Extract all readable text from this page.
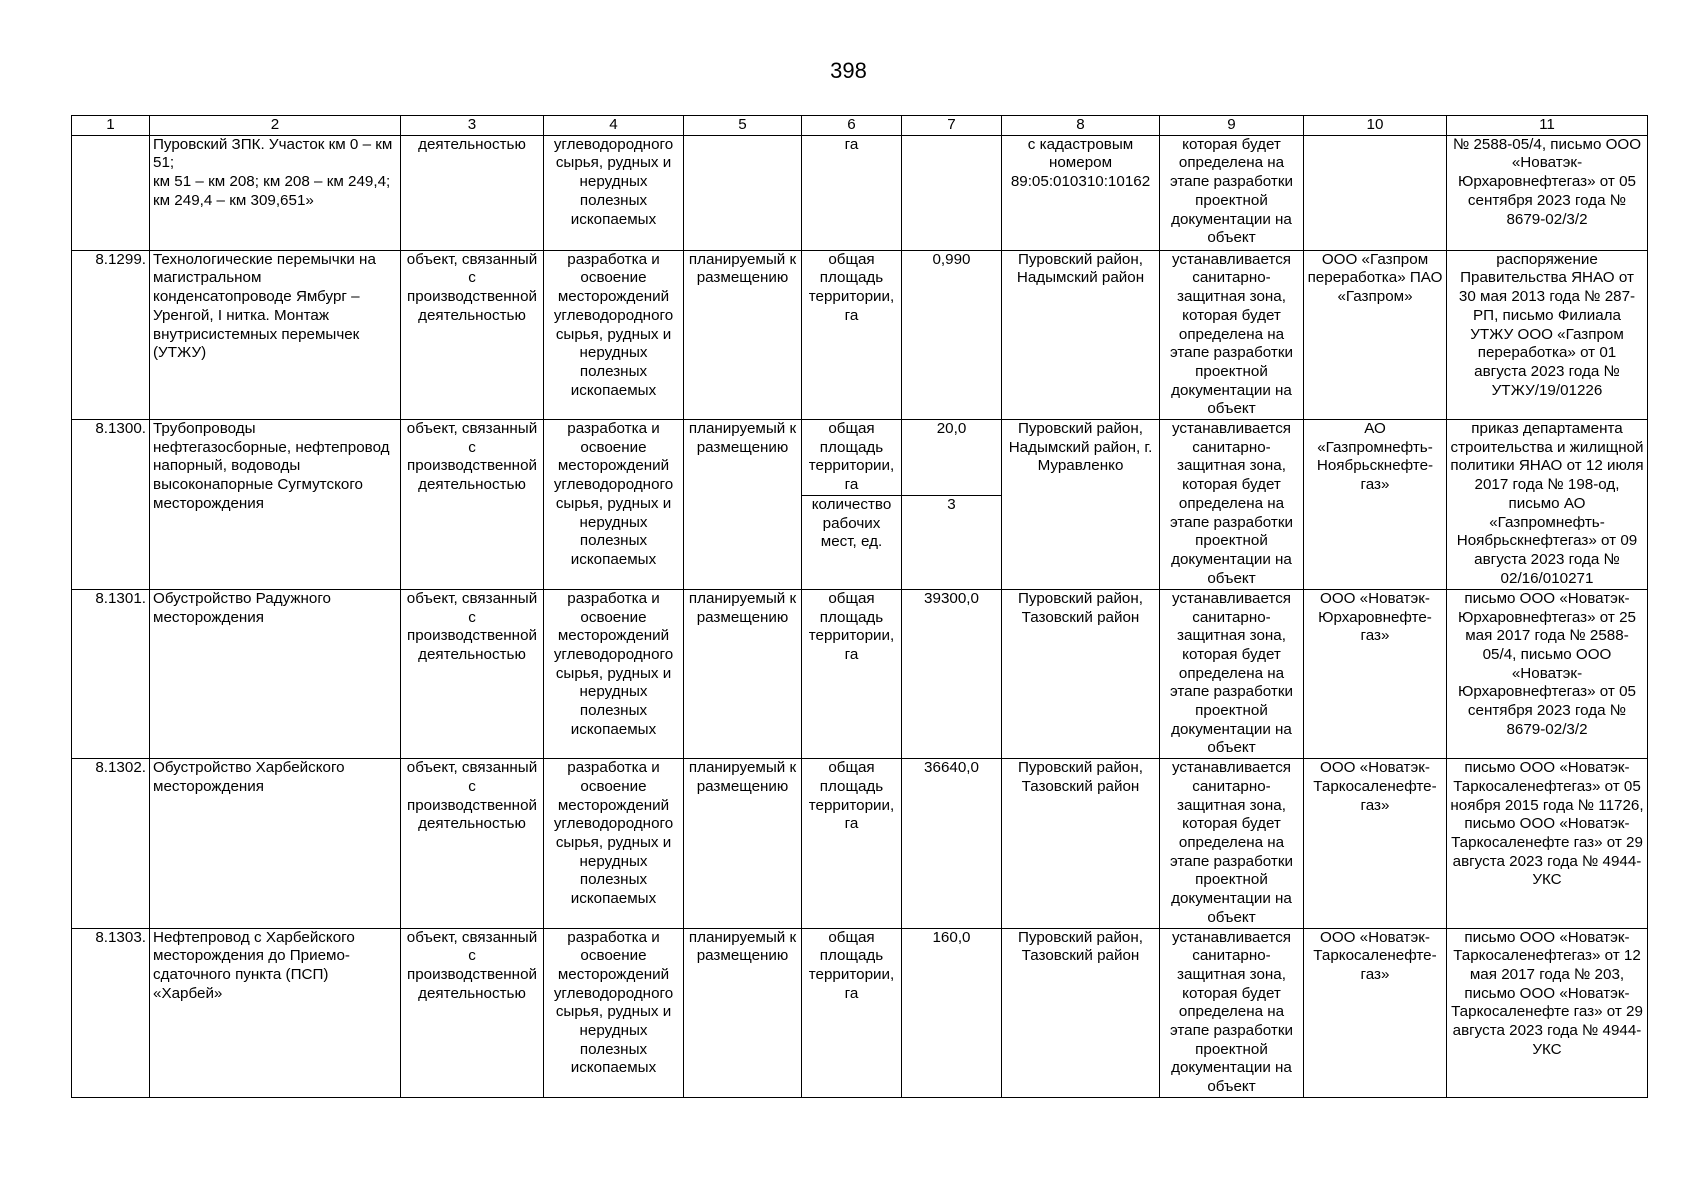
398
1	2	3	4	5	6	7	8	9	10	11
	Пуровский ЗПК. Участок км 0 – км 51;
км 51 – км 208; км 208 – км 249,4; км 249,4 – км 309,651»	деятельностью	углеводородного сырья, рудных и нерудных полезных ископаемых		га		с кадастровым номером 89:05:010310:10162	которая будет определена на этапе разработки проектной документации на объект		№ 2588-05/4, письмо ООО «Новатэк-Юрхаровнефтегаз» от 05 сентября 2023 года № 8679-02/3/2
8.1299.	Технологические перемычки на магистральном конденсатопроводе Ямбург – Уренгой, I нитка. Монтаж внутрисистемных перемычек (УТЖУ)	объект, связанный с производственной деятельностью	разработка и освоение месторождений углеводородного сырья, рудных и нерудных полезных ископаемых	планируемый к размещению	общая площадь территории, га	0,990	Пуровский район, Надымский район	устанавливается санитарно-защитная зона, которая будет определена на этапе разработки проектной документации на объект	ООО «Газпром переработка» ПАО «Газпром»	распоряжение Правительства ЯНАО от 30 мая 2013 года № 287-РП, письмо Филиала УТЖУ ООО «Газпром переработка» от 01 августа 2023 года № УТЖУ/19/01226
8.1300.	Трубопроводы нефтегазосборные, нефтепровод напорный, водоводы высоконапорные Сугмутского месторождения	объект, связанный с производственной деятельностью	разработка и освоение месторождений углеводородного сырья, рудных и нерудных полезных ископаемых	планируемый к размещению	общая площадь территории, га	20,0	Пуровский район, Надымский район, г. Муравленко	устанавливается санитарно-защитная зона, которая будет определена на этапе разработки проектной документации на объект	АО «Газпромнефть-Ноябрьскнефте-газ»	приказ департамента строительства и жилищной политики ЯНАО от 12 июля 2017 года № 198-од, письмо АО «Газпромнефть-Ноябрьскнефтегаз» от 09 августа 2023 года № 02/16/010271
					количество рабочих мест, ед.	3				
8.1301.	Обустройство Радужного месторождения	объект, связанный с производственной деятельностью	разработка и освоение месторождений углеводородного сырья, рудных и нерудных полезных ископаемых	планируемый к размещению	общая площадь территории, га	39300,0	Пуровский район, Тазовский район	устанавливается санитарно-защитная зона, которая будет определена на этапе разработки проектной документации на объект	ООО «Новатэк-Юрхаровнефте-газ»	письмо ООО «Новатэк-Юрхаровнефтегаз» от 25 мая 2017 года № 2588-05/4, письмо ООО «Новатэк-Юрхаровнефтегаз» от 05 сентября 2023 года № 8679-02/3/2
8.1302.	Обустройство Харбейского месторождения	объект, связанный с производственной деятельностью	разработка и освоение месторождений углеводородного сырья, рудных и нерудных полезных ископаемых	планируемый к размещению	общая площадь территории, га	36640,0	Пуровский район, Тазовский район	устанавливается санитарно-защитная зона, которая будет определена на этапе разработки проектной документации на объект	ООО «Новатэк-Таркосаленефте-газ»	письмо ООО «Новатэк-Таркосаленефтегаз» от 05 ноября 2015 года № 11726, письмо ООО «Новатэк-Таркосаленефте газ» от 29 августа 2023 года № 4944-УКС
8.1303.	Нефтепровод с Харбейского месторождения до Приемо-сдаточного пункта (ПСП) «Харбей»	объект, связанный с производственной деятельностью	разработка и освоение месторождений углеводородного сырья, рудных и нерудных полезных ископаемых	планируемый к размещению	общая площадь территории, га	160,0	Пуровский район, Тазовский район	устанавливается санитарно-защитная зона, которая будет определена на этапе разработки проектной документации на объект	ООО «Новатэк-Таркосаленефте-газ»	письмо ООО «Новатэк-Таркосаленефтегаз» от 12 мая 2017 года № 203, письмо ООО «Новатэк-Таркосаленефте газ» от 29 августа 2023 года № 4944-УКС
